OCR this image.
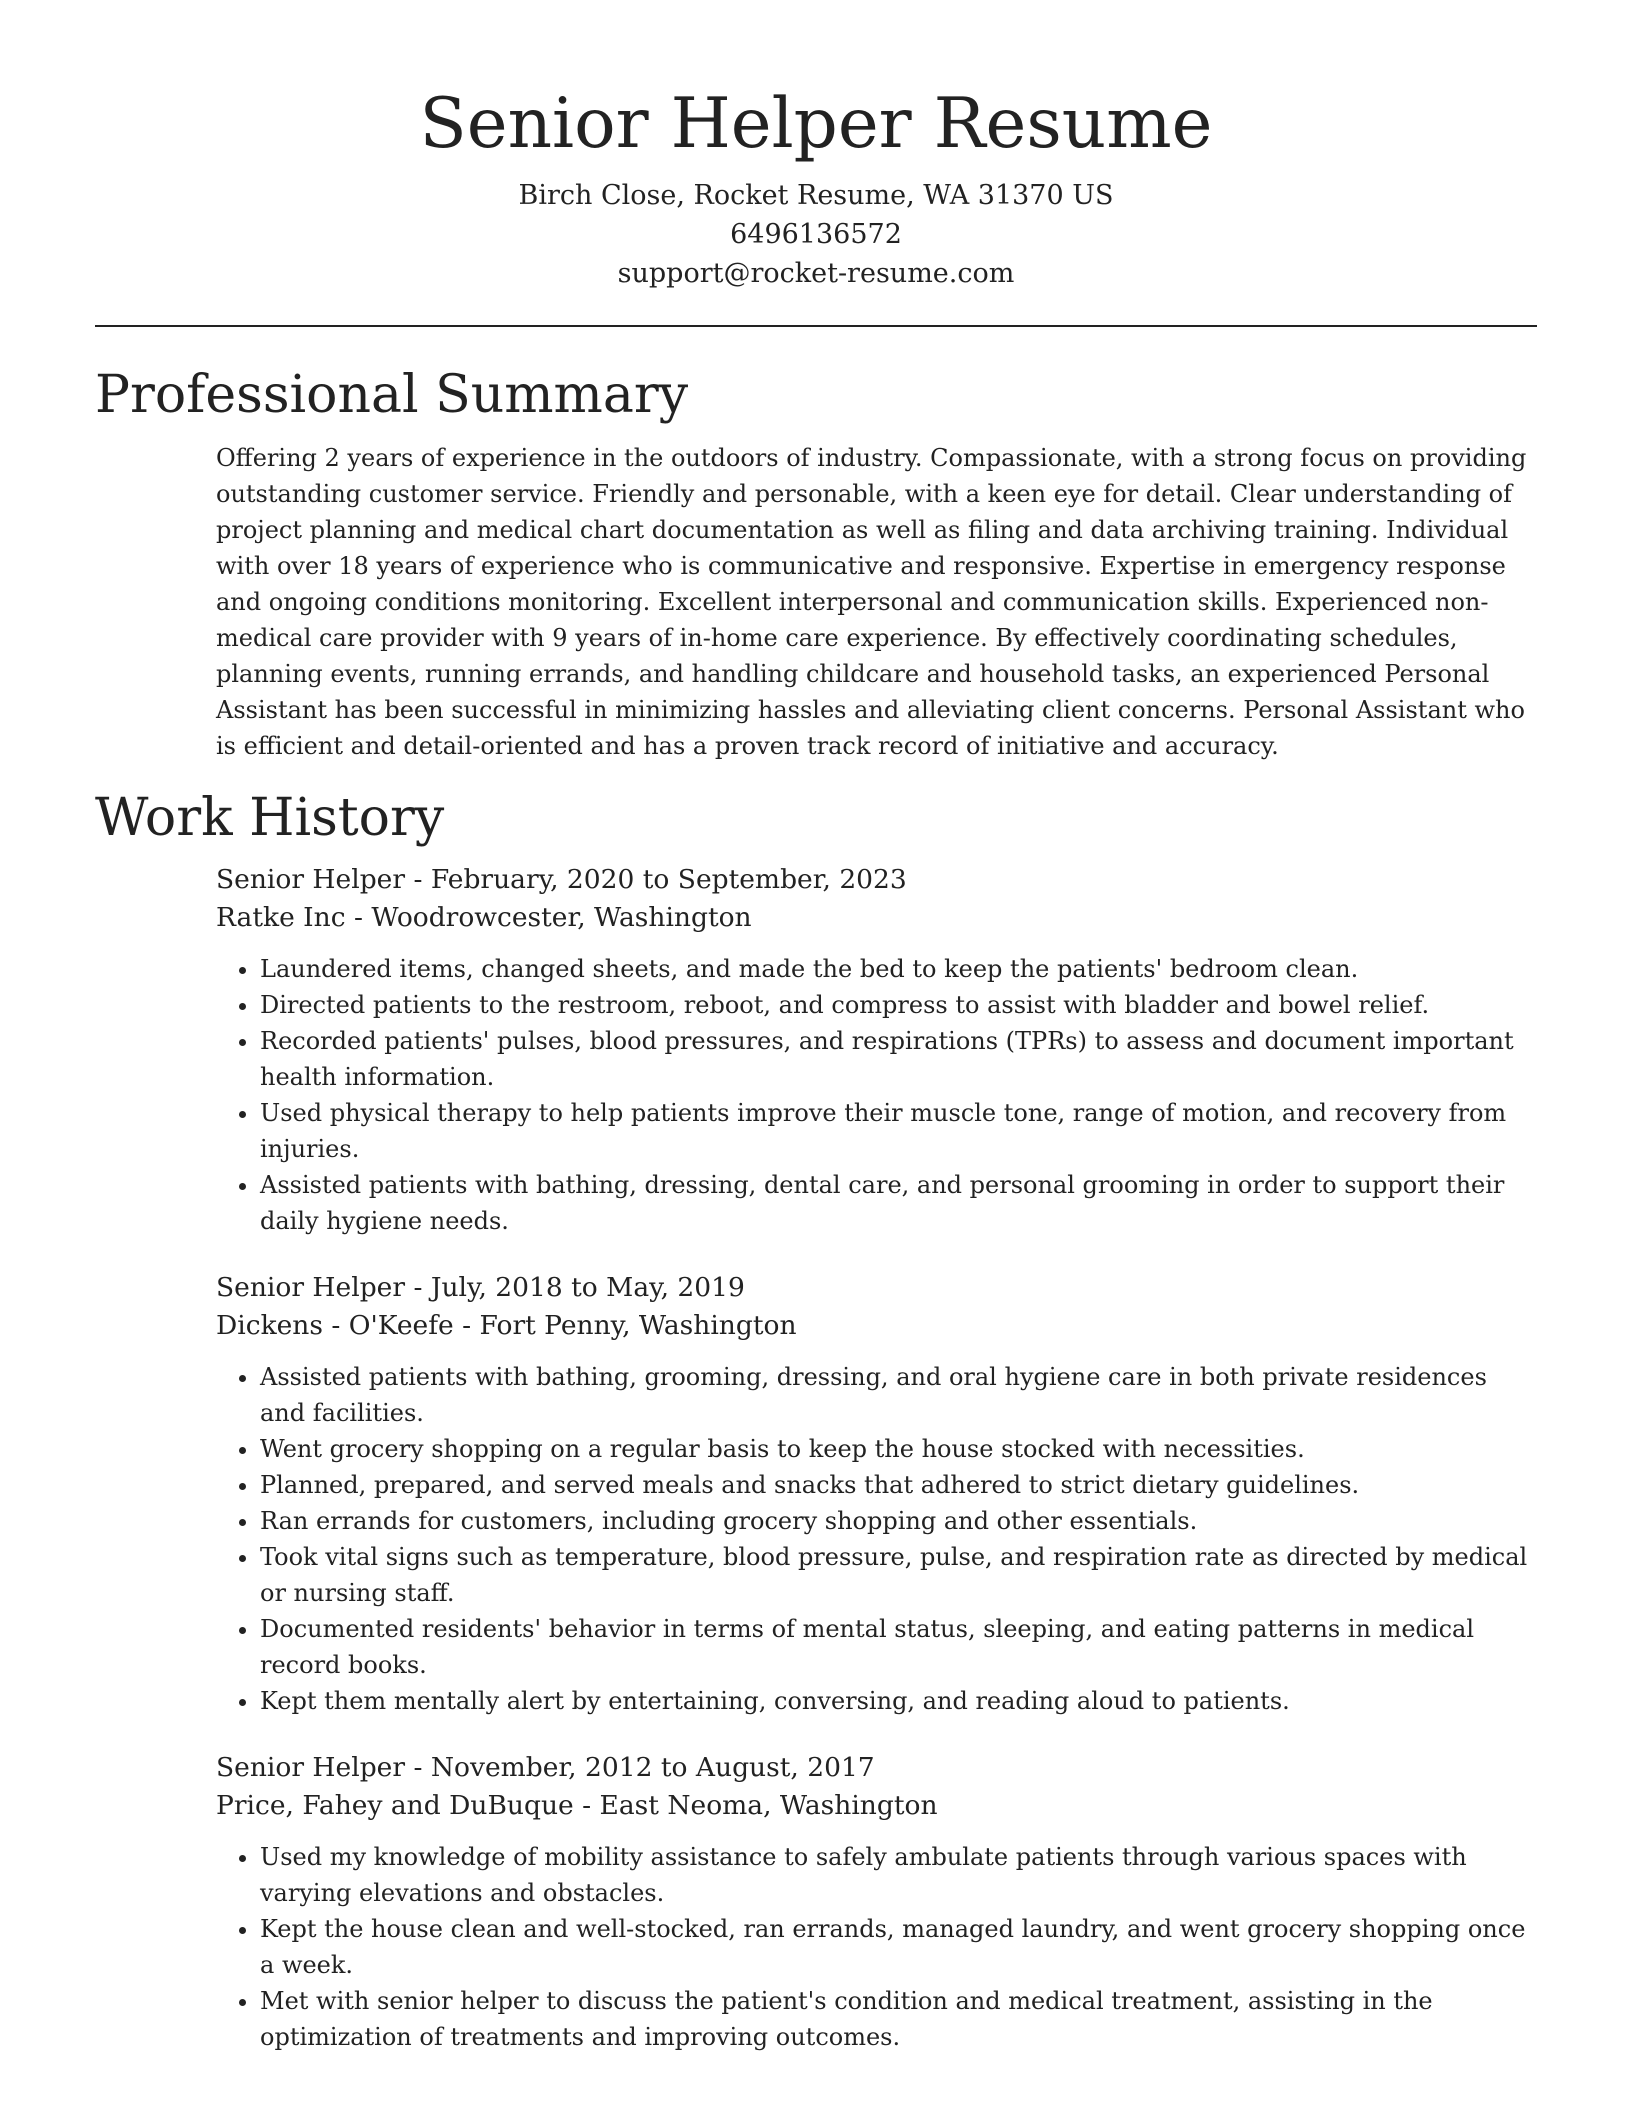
Senior Helper Resume
Birch Close, Rocket Resume, WA 31370 US
6496136572
support@rocket-resume.com
Professional Summary
Offering 2 years of experience in the outdoors of industry. Compassionate, with a strong focus on providing outstanding customer service. Friendly and personable, with a keen eye for detail. Clear understanding of project planning and medical chart documentation as well as filing and data archiving training. Individual with over 18 years of experience who is communicative and responsive. Expertise in emergency response and ongoing conditions monitoring. Excellent interpersonal and communication skills. Experienced non-medical care provider with 9 years of in-home care experience. By effectively coordinating schedules, planning events, running errands, and handling childcare and household tasks, an experienced Personal Assistant has been successful in minimizing hassles and alleviating client concerns. Personal Assistant who is efficient and detail-oriented and has a proven track record of initiative and accuracy.
Work History
Senior Helper - February, 2020 to September, 2023
Ratke Inc - Woodrowcester, Washington
• Laundered items, changed sheets, and made the bed to keep the patients' bedroom clean.
• Directed patients to the restroom, reboot, and compress to assist with bladder and bowel relief.
• Recorded patients' pulses, blood pressures, and respirations (TPRs) to assess and document important health information.
• Used physical therapy to help patients improve their muscle tone, range of motion, and recovery from injuries.
• Assisted patients with bathing, dressing, dental care, and personal grooming in order to support their daily hygiene needs.
Senior Helper - July, 2018 to May, 2019
Dickens - O'Keefe - Fort Penny, Washington
• Assisted patients with bathing, grooming, dressing, and oral hygiene care in both private residences and facilities.
• Went grocery shopping on a regular basis to keep the house stocked with necessities.
• Planned, prepared, and served meals and snacks that adhered to strict dietary guidelines.
• Ran errands for customers, including grocery shopping and other essentials.
• Took vital signs such as temperature, blood pressure, pulse, and respiration rate as directed by medical or nursing staff.
• Documented residents' behavior in terms of mental status, sleeping, and eating patterns in medical record books.
• Kept them mentally alert by entertaining, conversing, and reading aloud to patients.
Senior Helper - November, 2012 to August, 2017
Price, Fahey and DuBuque - East Neoma, Washington
• Used my knowledge of mobility assistance to safely ambulate patients through various spaces with varying elevations and obstacles.
• Kept the house clean and well-stocked, ran errands, managed laundry, and went grocery shopping once a week.
• Met with senior helper to discuss the patient's condition and medical treatment, assisting in the optimization of treatments and improving outcomes.
